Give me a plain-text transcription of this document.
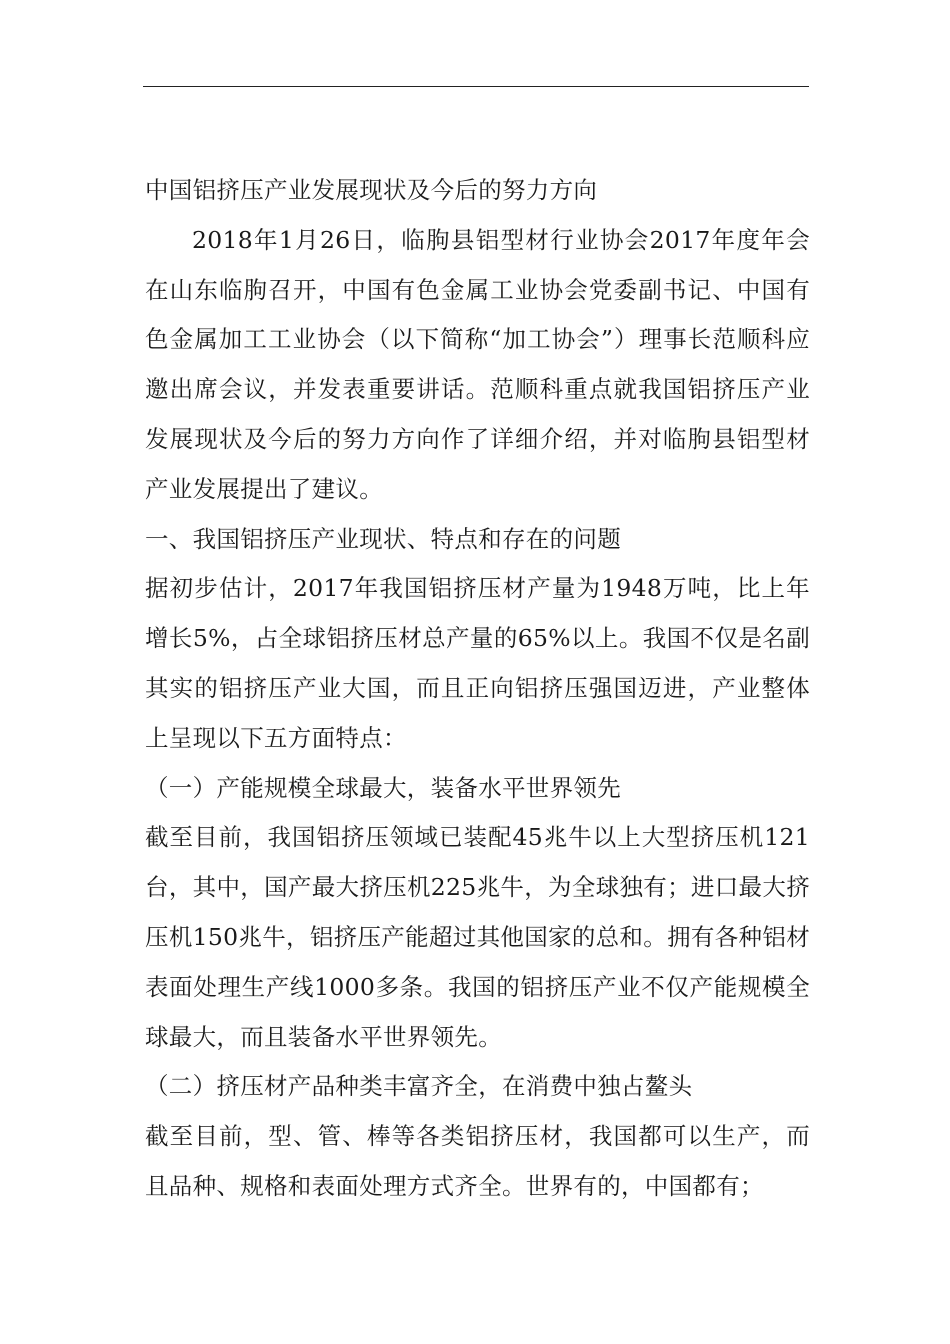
中国铝挤压产业发展现状及今后的努力方向

2018年1月26日，临朐县铝型材行业协会2017年度年会在山东临朐召开，中国有色金属工业协会党委副书记、中国有色金属加工工业协会（以下简称“加工协会”）理事长范顺科应邀出席会议，并发表重要讲话。范顺科重点就我国铝挤压产业发展现状及今后的努力方向作了详细介绍，并对临朐县铝型材产业发展提出了建议。

一、我国铝挤压产业现状、特点和存在的问题

据初步估计，2017年我国铝挤压材产量为1948万吨，比上年增长5%，占全球铝挤压材总产量的65%以上。我国不仅是名副其实的铝挤压产业大国，而且正向铝挤压强国迈进，产业整体上呈现以下五方面特点：

（一）产能规模全球最大，装备水平世界领先

截至目前，我国铝挤压领域已装配45兆牛以上大型挤压机121台，其中，国产最大挤压机225兆牛，为全球独有；进口最大挤压机150兆牛，铝挤压产能超过其他国家的总和。拥有各种铝材表面处理生产线1000多条。我国的铝挤压产业不仅产能规模全球最大，而且装备水平世界领先。

（二）挤压材产品种类丰富齐全，在消费中独占鳌头

截至目前，型、管、棒等各类铝挤压材，我国都可以生产，而且品种、规格和表面处理方式齐全。世界有的，中国都有；
